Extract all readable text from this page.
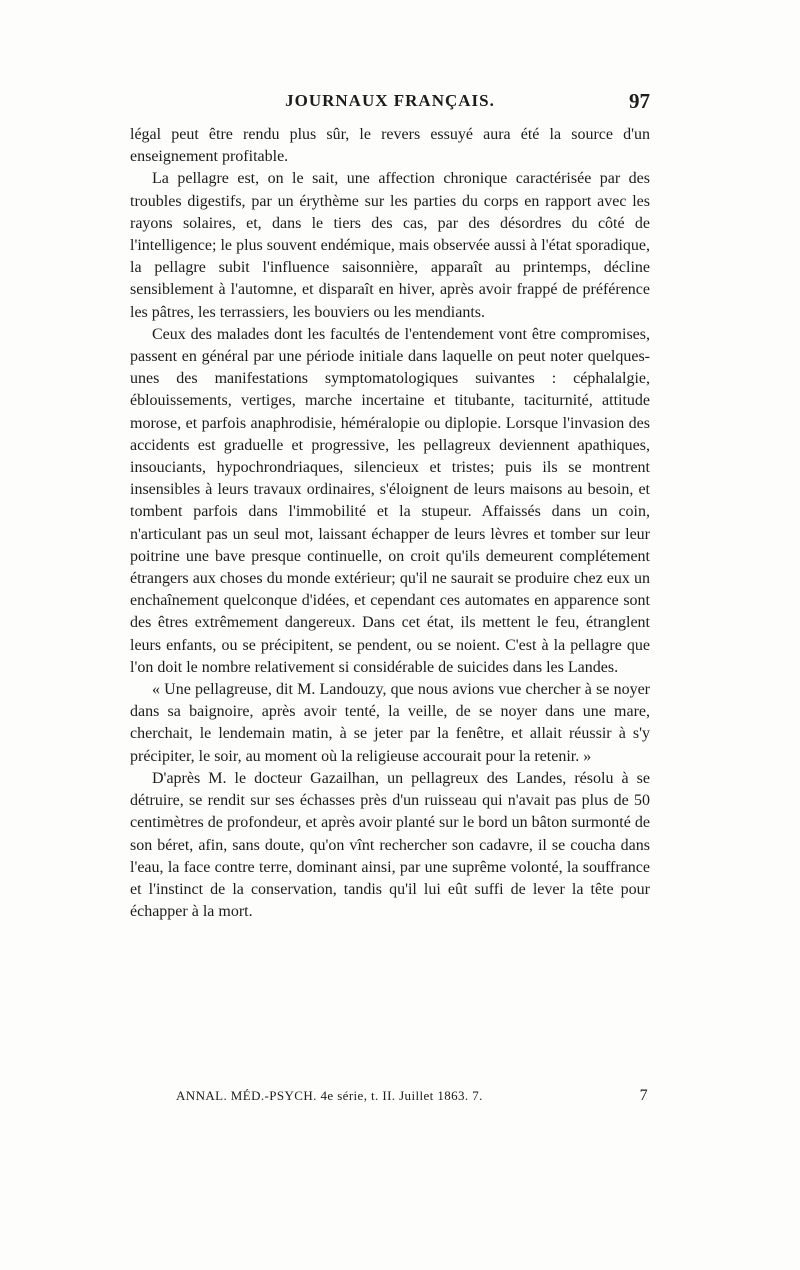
JOURNAUX FRANÇAIS.	97

légal peut être rendu plus sûr, le revers essuyé aura été la source d'un enseignement profitable.

La pellagre est, on le sait, une affection chronique caractérisée par des troubles digestifs, par un érythème sur les parties du corps en rapport avec les rayons solaires, et, dans le tiers des cas, par des désordres du côté de l'intelligence; le plus souvent endémique, mais observée aussi à l'état sporadique, la pellagre subit l'influence saisonnière, apparaît au printemps, décline sensiblement à l'automne, et disparaît en hiver, après avoir frappé de préférence les pâtres, les terrassiers, les bouviers ou les mendiants.

Ceux des malades dont les facultés de l'entendement vont être compromises, passent en général par une période initiale dans laquelle on peut noter quelques-unes des manifestations symptomatologiques suivantes : céphalalgie, éblouissements, vertiges, marche incertaine et titubante, taciturnité, attitude morose, et parfois anaphrodisie, héméralopie ou diplopie. Lorsque l'invasion des accidents est graduelle et progressive, les pellagreux deviennent apathiques, insouciants, hypochrondriaques, silencieux et tristes; puis ils se montrent insensibles à leurs travaux ordinaires, s'éloignent de leurs maisons au besoin, et tombent parfois dans l'immobilité et la stupeur. Affaissés dans un coin, n'articulant pas un seul mot, laissant échapper de leurs lèvres et tomber sur leur poitrine une bave presque continuelle, on croit qu'ils demeurent complétement étrangers aux choses du monde extérieur; qu'il ne saurait se produire chez eux un enchaînement quelconque d'idées, et cependant ces automates en apparence sont des êtres extrêmement dangereux. Dans cet état, ils mettent le feu, étranglent leurs enfants, ou se précipitent, se pendent, ou se noient. C'est à la pellagre que l'on doit le nombre relativement si considérable de suicides dans les Landes.

« Une pellagreuse, dit M. Landouzy, que nous avions vue chercher à se noyer dans sa baignoire, après avoir tenté, la veille, de se noyer dans une mare, cherchait, le lendemain matin, à se jeter par la fenêtre, et allait réussir à s'y précipiter, le soir, au moment où la religieuse accourait pour la retenir. »

D'après M. le docteur Gazailhan, un pellagreux des Landes, résolu à se détruire, se rendit sur ses échasses près d'un ruisseau qui n'avait pas plus de 50 centimètres de profondeur, et après avoir planté sur le bord un bâton surmonté de son béret, afin, sans doute, qu'on vînt rechercher son cadavre, il se coucha dans l'eau, la face contre terre, dominant ainsi, par une suprême volonté, la souffrance et l'instinct de la conservation, tandis qu'il lui eût suffi de lever la tête pour échapper à la mort.

ANNAL. MÉD.-PSYCH. 4e série, t. II. Juillet 1863. 7.	7
